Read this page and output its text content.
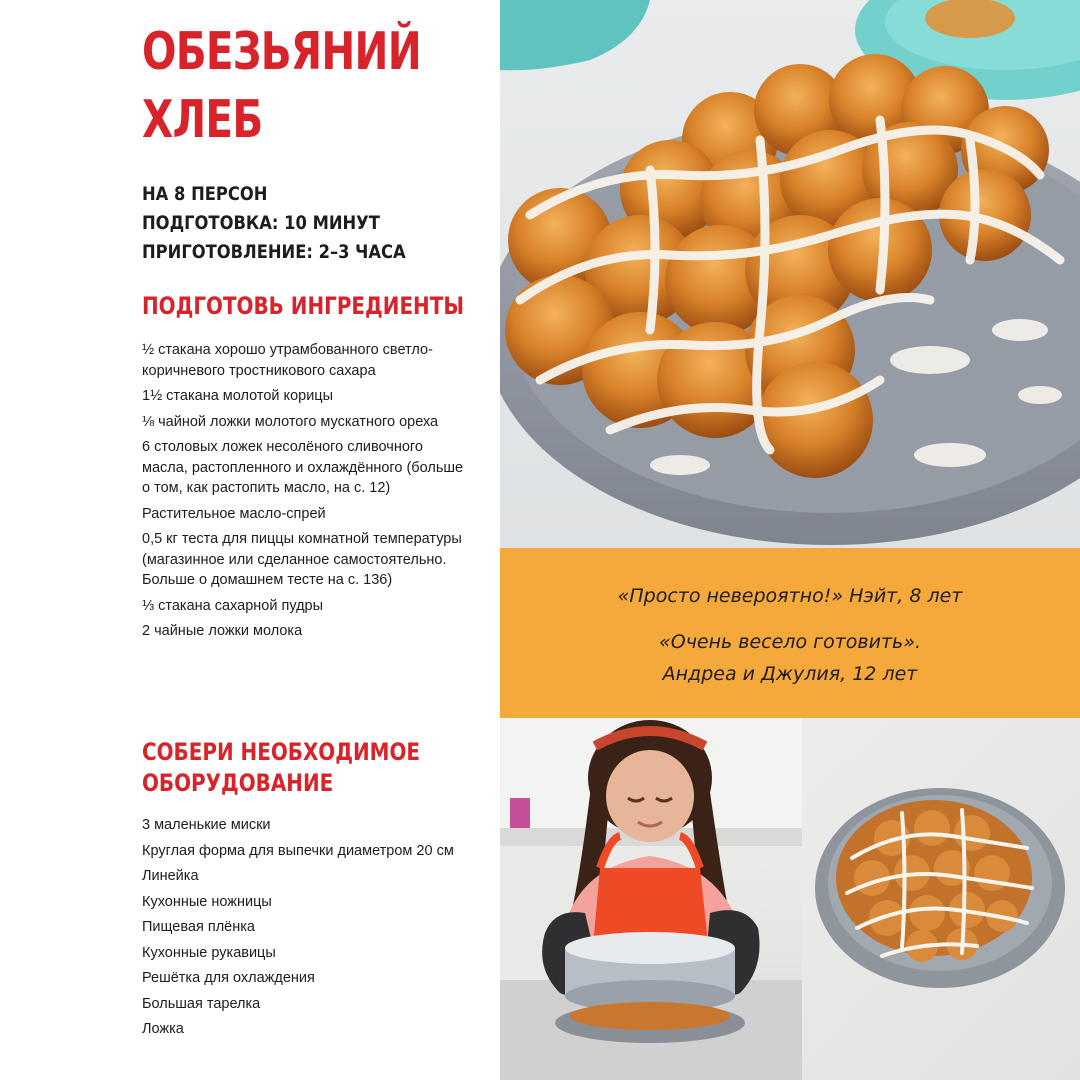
ОБЕЗЬЯНИЙ
ХЛЕБ
НА 8 ПЕРСОН
ПОДГОТОВКА: 10 МИНУТ
ПРИГОТОВЛЕНИЕ: 2–3 ЧАСА
ПОДГОТОВЬ ИНГРЕДИЕНТЫ
½ стакана хорошо утрамбованного светло-коричневого тростникового сахара
1½ стакана молотой корицы
⅛ чайной ложки молотого мускатного ореха
6 столовых ложек несолёного сливочного масла, растопленного и охлаждённого (больше о том, как растопить масло, на с. 12)
Растительное масло-спрей
0,5 кг теста для пиццы комнатной температуры (магазинное или сделанное самостоятельно. Больше о домашнем тесте на с. 136)
⅓ стакана сахарной пудры
2 чайные ложки молока
СОБЕРИ НЕОБХОДИМОЕ
ОБОРУДОВАНИЕ
3 маленькие миски
Круглая форма для выпечки диаметром 20 см
Линейка
Кухонные ножницы
Пищевая плёнка
Кухонные рукавицы
Решётка для охлаждения
Большая тарелка
Ложка
«Просто невероятно!» Нэйт, 8 лет
«Очень весело готовить».
Андреа и Джулия, 12 лет
